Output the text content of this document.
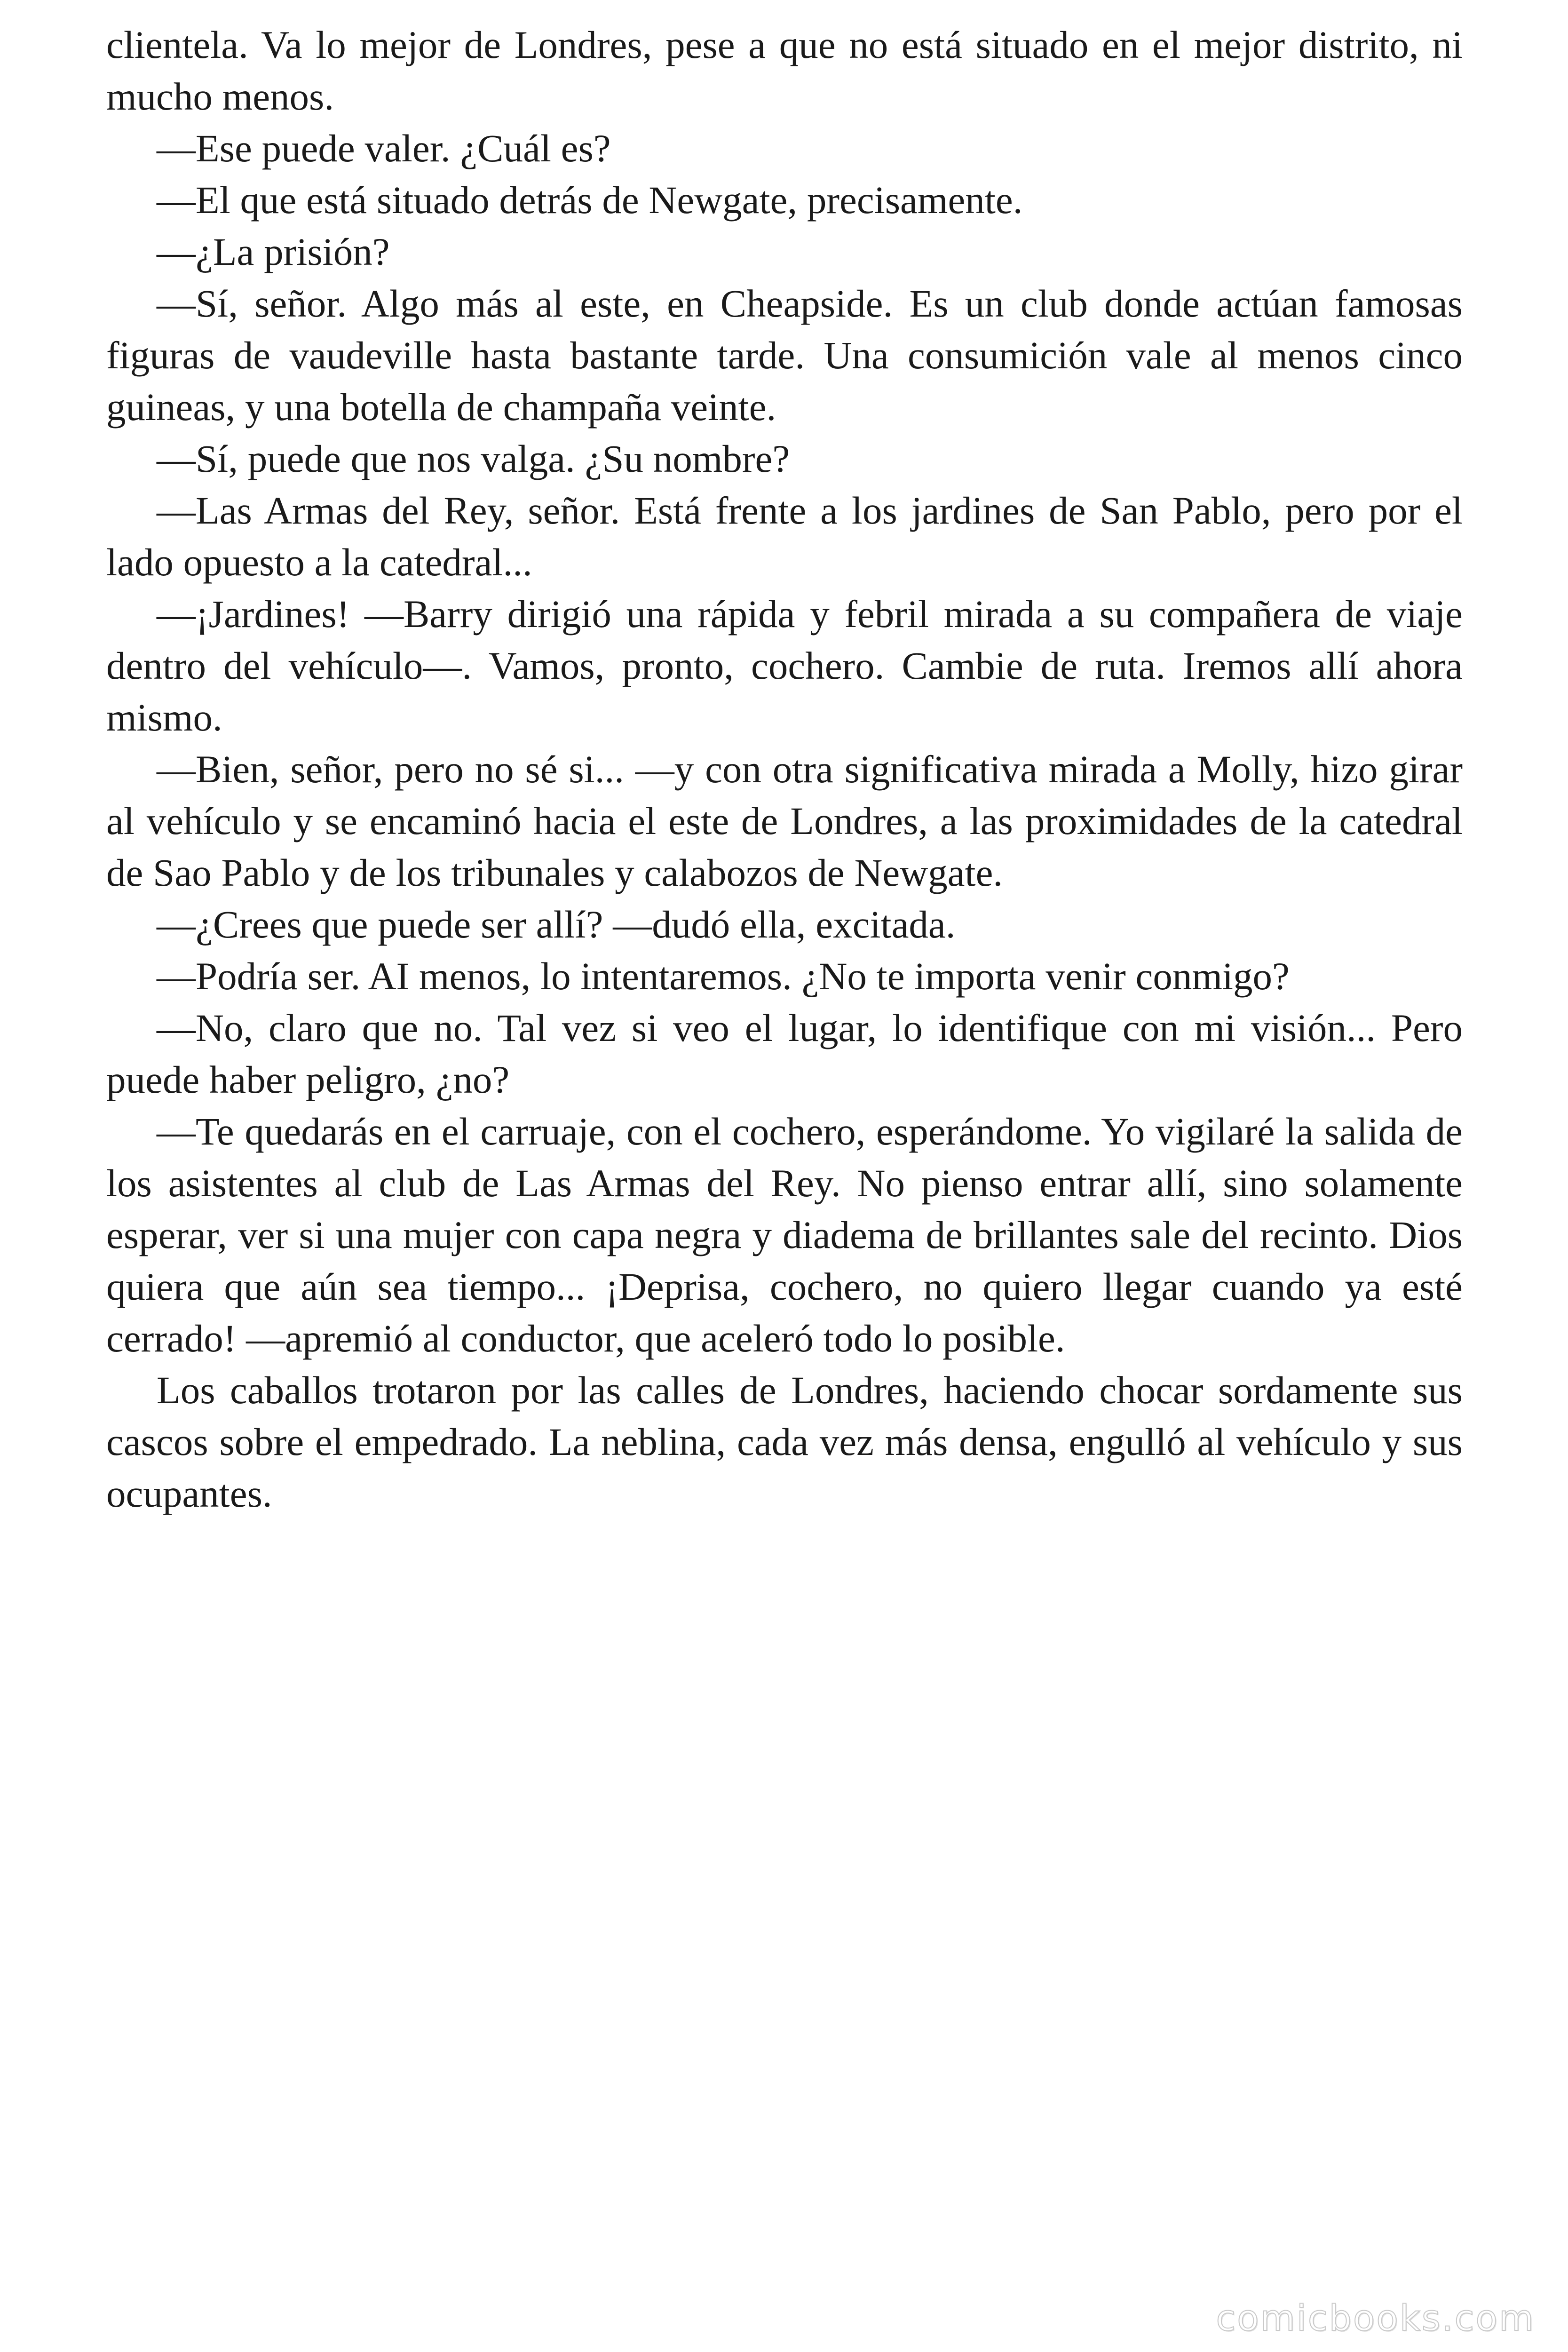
clientela. Va lo mejor de Londres, pese a que no está situado en el mejor distrito, ni mucho menos.

—Ese puede valer. ¿Cuál es?

—El que está situado detrás de Newgate, precisamente.

—¿La prisión?

—Sí, señor. Algo más al este, en Cheapside. Es un club donde actúan famosas figuras de vaudeville hasta bastante tarde. Una consumición vale al menos cinco guineas, y una botella de champaña veinte.

—Sí, puede que nos valga. ¿Su nombre?

—Las Armas del Rey, señor. Está frente a los jardines de San Pablo, pero por el lado opuesto a la catedral...

—¡Jardines! —Barry dirigió una rápida y febril mirada a su compañera de viaje dentro del vehículo—. Vamos, pronto, cochero. Cambie de ruta. Iremos allí ahora mismo.

—Bien, señor, pero no sé si... —y con otra significativa mirada a Molly, hizo girar al vehículo y se encaminó hacia el este de Londres, a las proximidades de la catedral de Sao Pablo y de los tribunales y calabozos de Newgate.

—¿Crees que puede ser allí? —dudó ella, excitada.

—Podría ser. AI menos, lo intentaremos. ¿No te importa venir conmigo?

—No, claro que no. Tal vez si veo el lugar, lo identifique con mi visión... Pero puede haber peligro, ¿no?

—Te quedarás en el carruaje, con el cochero, esperándome. Yo vigilaré la salida de los asistentes al club de Las Armas del Rey. No pienso entrar allí, sino solamente esperar, ver si una mujer con capa negra y diadema de brillantes sale del recinto. Dios quiera que aún sea tiempo... ¡Deprisa, cochero, no quiero llegar cuando ya esté cerrado! —apremió al conductor, que aceleró todo lo posible.

Los caballos trotaron por las calles de Londres, haciendo chocar sordamente sus cascos sobre el empedrado. La neblina, cada vez más densa, engulló al vehículo y sus ocupantes.

comicbooks.com
